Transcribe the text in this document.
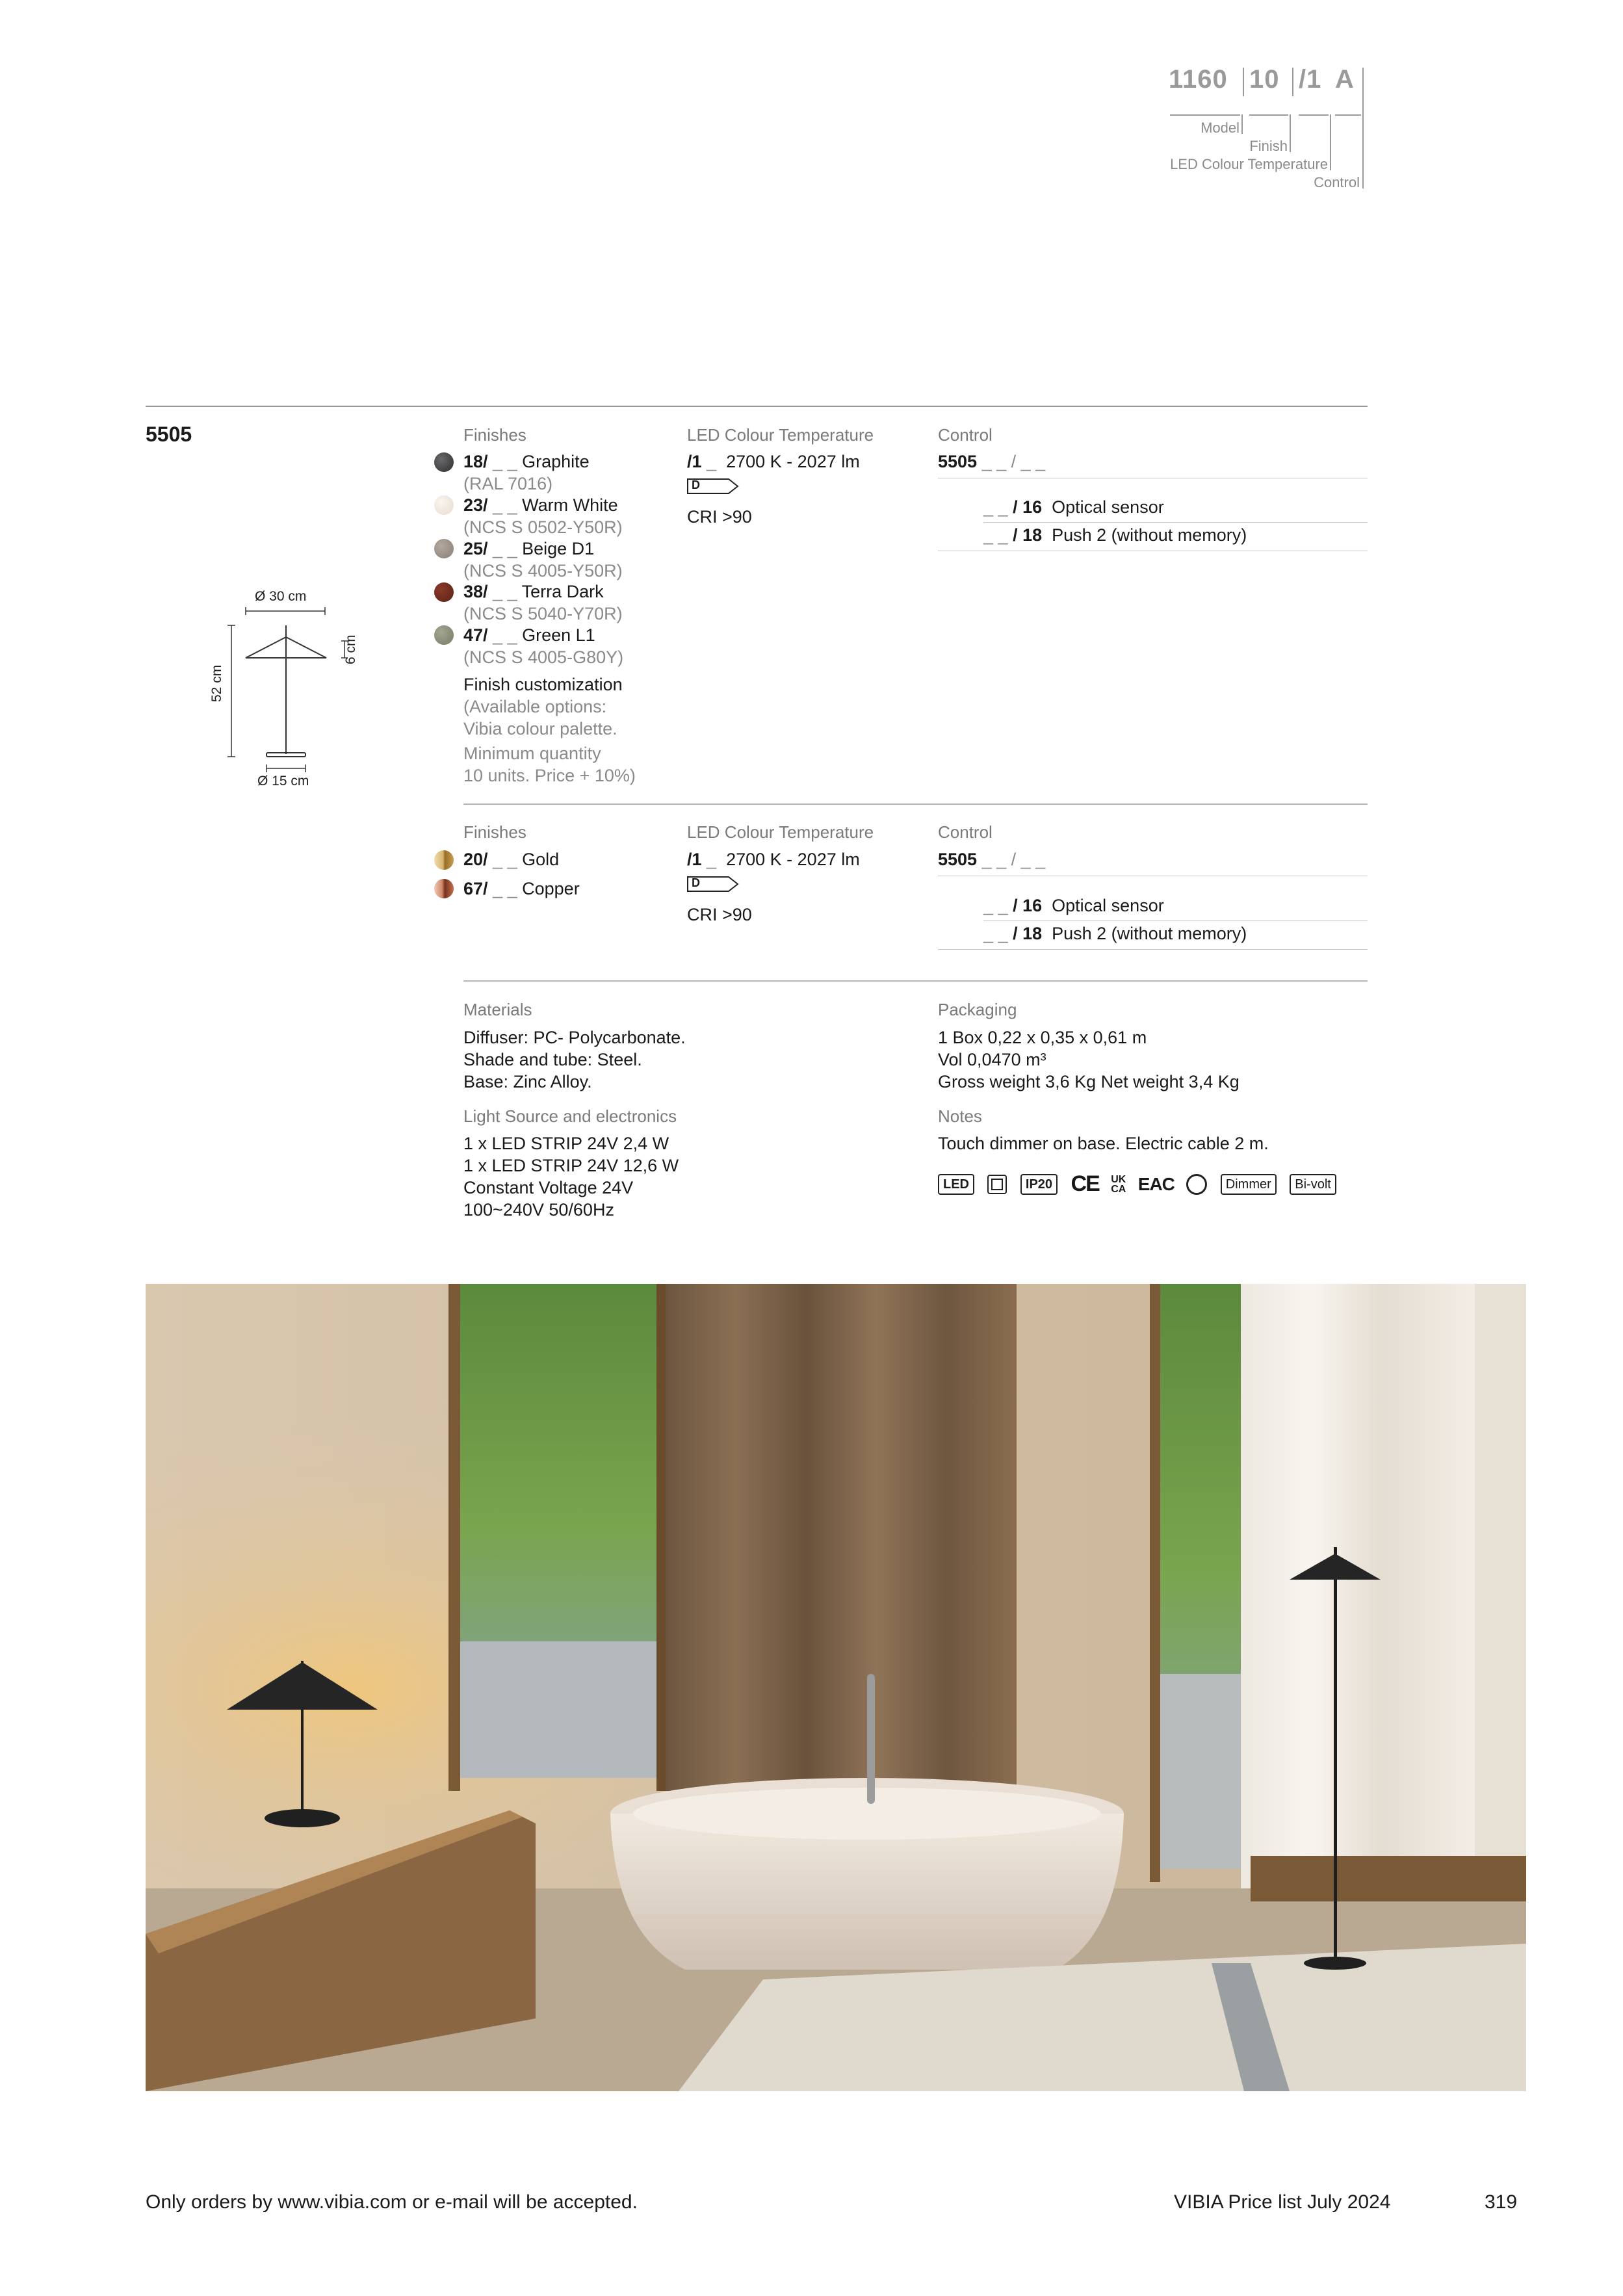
1160 10 /1 A
Model
Finish
LED Colour Temperature
Control
5505
Ø 30 cm
Ø 15 cm
52 cm
6 cm
Finishes
18/ _ _ Graphite
(RAL 7016)
23/ _ _ Warm White
(NCS S 0502-Y50R)
25/ _ _ Beige D1
(NCS S 4005-Y50R)
38/ _ _ Terra Dark
(NCS S 5040-Y70R)
47/ _ _ Green L1
(NCS S 4005-G80Y)
Finish customization
(Available options:
Vibia colour palette.
Minimum quantity
10 units. Price + 10%)
LED Colour Temperature
/1 _ 2700 K - 2027 lm
D
CRI >90
Control
5505 _ _ / _ _
_ _ / 16 Optical sensor
_ _ / 18 Push 2 (without memory)
Finishes
20/ _ _ Gold
67/ _ _ Copper
LED Colour Temperature
/1 _ 2700 K - 2027 lm
D
CRI >90
Control
5505 _ _ / _ _
_ _ / 16 Optical sensor
_ _ / 18 Push 2 (without memory)
Materials
Diffuser: PC- Polycarbonate.
Shade and tube: Steel.
Base: Zinc Alloy.
Light Source and electronics
1 x LED STRIP 24V 2,4 W
1 x LED STRIP 24V 12,6 W
Constant Voltage 24V
100~240V 50/60Hz
Packaging
1 Box 0,22 x 0,35 x 0,61 m
Vol 0,0470 m³
Gross weight 3,6 Kg Net weight 3,4 Kg
Notes
Touch dimmer on base. Electric cable 2 m.
LED	IP20 CE UK
CA EAC	Dimmer Bi-volt
Only orders by www.vibia.com or e-mail will be accepted.	VIBIA Price list July 2024	319
